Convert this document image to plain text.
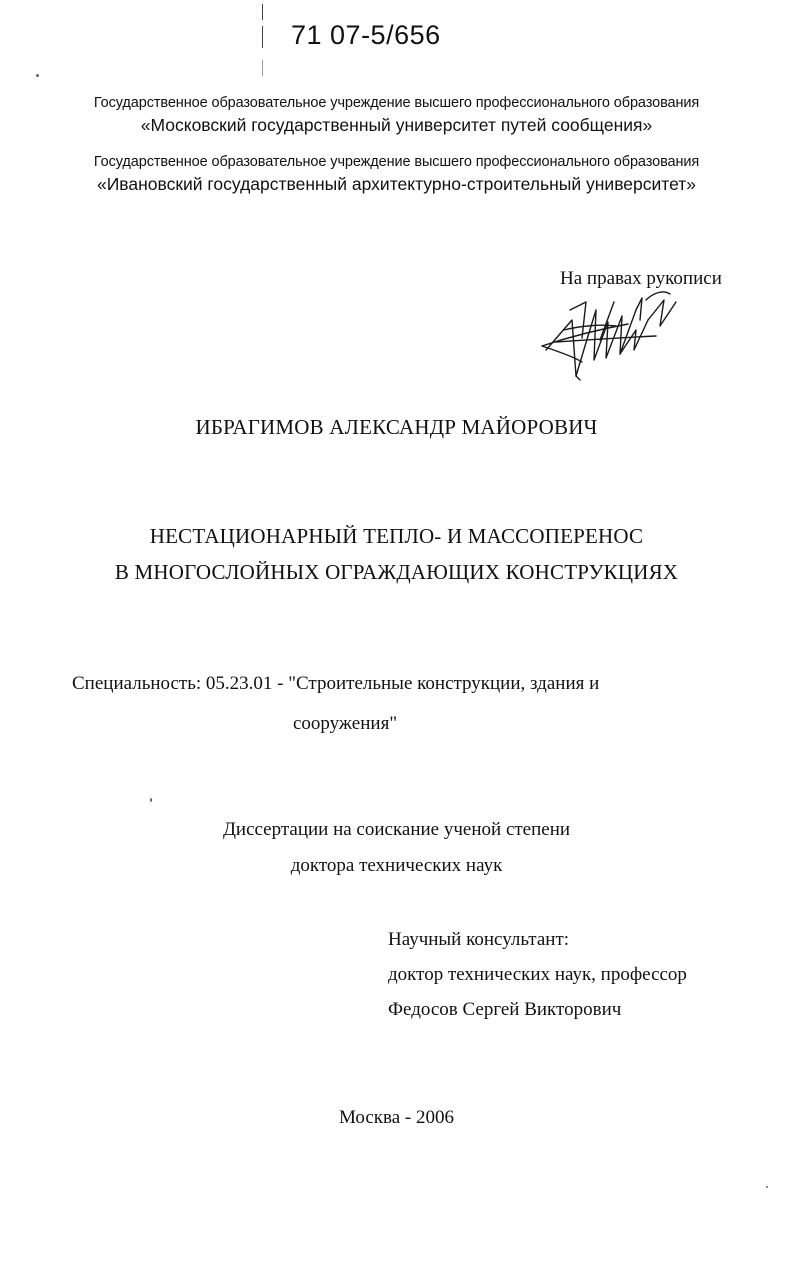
71 07-5/656
Государственное образовательное учреждение высшего профессионального образования
«Московский государственный университет путей сообщения»
Государственное образовательное учреждение высшего профессионального образования
«Ивановский государственный архитектурно-строительный университет»
На правах рукописи
ИБРАГИМОВ АЛЕКСАНДР МАЙОРОВИЧ
НЕСТАЦИОНАРНЫЙ ТЕПЛО- И МАССОПЕРЕНОС
В МНОГОСЛОЙНЫХ ОГРАЖДАЮЩИХ КОНСТРУКЦИЯХ
Специальность: 05.23.01 - "Строительные конструкции, здания и
сооружения"
Диссертации на соискание ученой степени
доктора технических наук
Научный консультант:
доктор технических наук, профессор
Федосов Сергей Викторович
Москва - 2006
